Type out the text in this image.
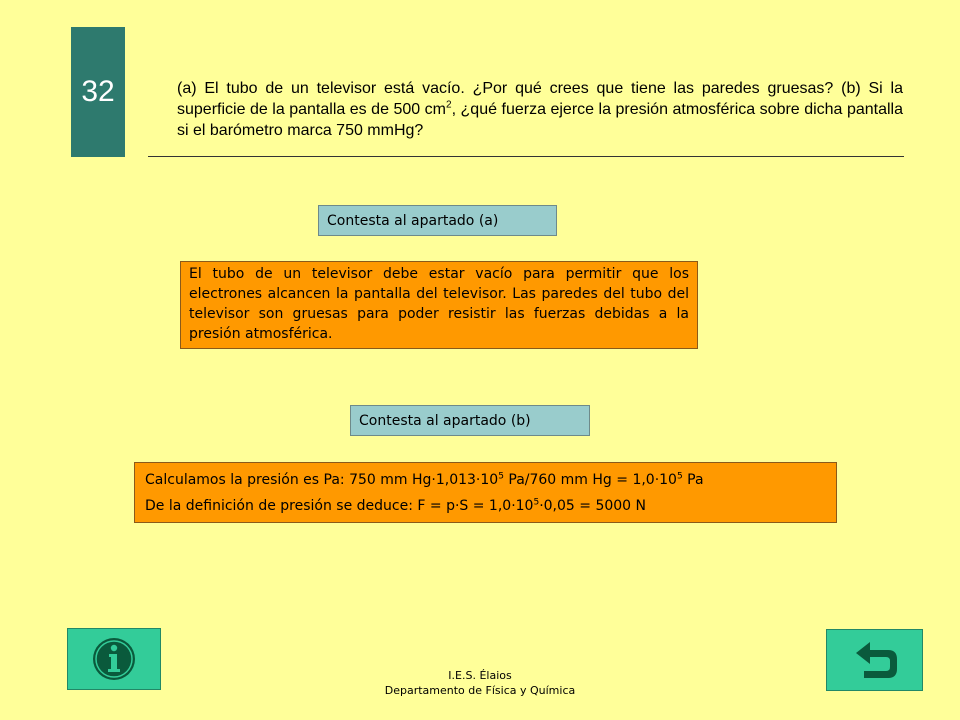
32	(a) El tubo de un televisor está vacío. ¿Por qué crees que tiene las paredes gruesas? (b) Si la superficie de la pantalla es de 500 $cm^2$, ¿qué fuerza ejerce la presión atmosférica sobre dicha pantalla si el barómetro marca 750 mmHg?
Contesta al apartado (a)
El tubo de un televisor debe estar vacío para permitir que los electrones alcancen la pantalla del televisor. Las paredes del tubo del televisor son gruesas para poder resistir las fuerzas debidas a la presión atmosférica.
Contesta al apartado (b)
Calculamos la presión es Pa: 750 mm $Hg\cdot 1,013\cdot 10^5$ Pa/760 mm $Hg = 1,0\cdot 10^5$ Pa
De la definición de presión se deduce: $F = p\cdot S = 1,0\cdot 10^5\cdot 0,05 = 5000$ N
I.E.S. Élaios
Departamento de Física y Química
